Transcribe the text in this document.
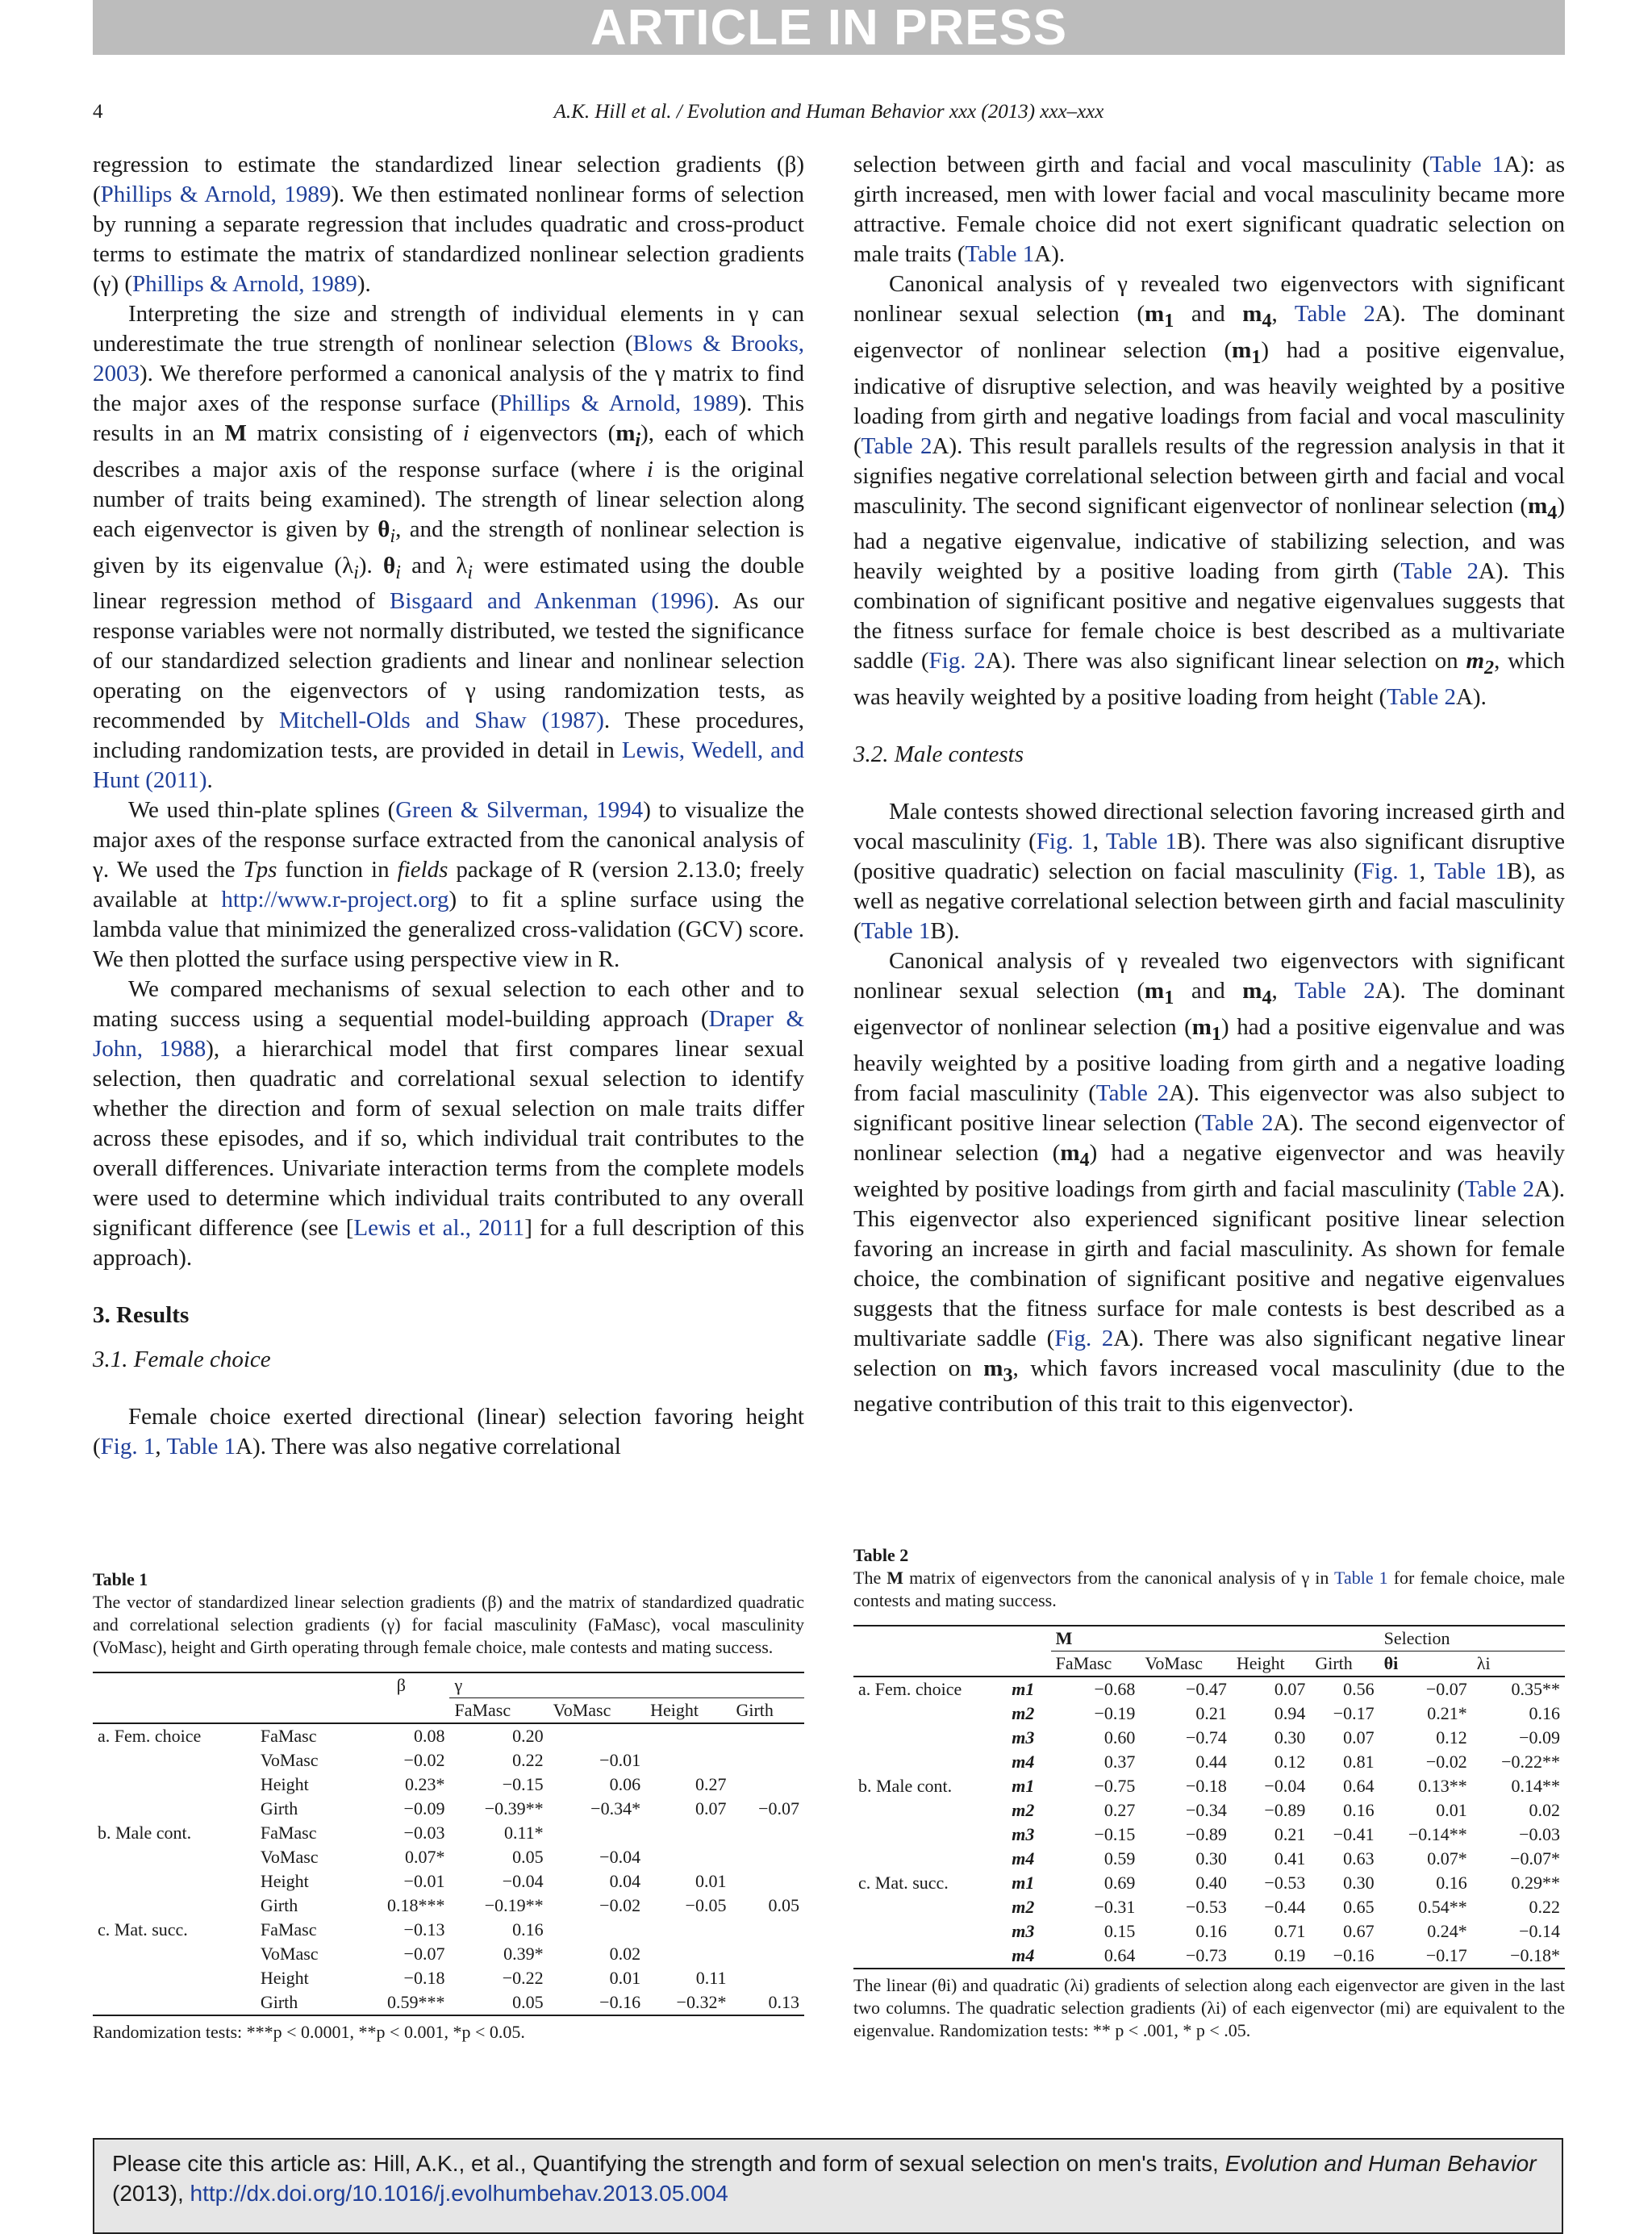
ARTICLE IN PRESS
4	A.K. Hill et al. / Evolution and Human Behavior xxx (2013) xxx–xxx

regression to estimate the standardized linear selection gradients (β) (Phillips & Arnold, 1989). We then estimated nonlinear forms of selection by running a separate regression that includes quadratic and cross-product terms to estimate the matrix of standardized nonlinear selection gradients (γ) (Phillips & Arnold, 1989).

Interpreting the size and strength of individual elements in γ can underestimate the true strength of nonlinear selection (Blows & Brooks, 2003). We therefore performed a canonical analysis of the γ matrix to find the major axes of the response surface (Phillips & Arnold, 1989). This results in an M matrix consisting of i eigenvectors $(m_i)$, each of which describes a major axis of the response surface (where i is the original number of traits being examined). The strength of linear selection along each eigenvector is given by $\theta_i$, and the strength of nonlinear selection is given by its eigenvalue $(\lambda_i)$. $\theta_i$ and $\lambda_i$ were estimated using the double linear regression method of Bisgaard and Ankenman (1996). As our response variables were not normally distributed, we tested the significance of our standardized selection gradients and linear and nonlinear selection operating on the eigenvectors of γ using randomization tests, as recommended by Mitchell-Olds and Shaw (1987). These procedures, including randomization tests, are provided in detail in Lewis, Wedell, and Hunt (2011).

We used thin-plate splines (Green & Silverman, 1994) to visualize the major axes of the response surface extracted from the canonical analysis of γ. We used the Tps function in fields package of R (version 2.13.0; freely available at http://www.r-project.org) to fit a spline surface using the lambda value that minimized the generalized cross-validation (GCV) score. We then plotted the surface using perspective view in R.

We compared mechanisms of sexual selection to each other and to mating success using a sequential model-building approach (Draper & John, 1988), a hierarchical model that first compares linear sexual selection, then quadratic and correlational sexual selection to identify whether the direction and form of sexual selection on male traits differ across these episodes, and if so, which individual trait contributes to the overall differences. Univariate interaction terms from the complete models were used to determine which individual traits contributed to any overall significant difference (see [Lewis et al., 2011] for a full description of this approach).

3. Results

3.1. Female choice

Female choice exerted directional (linear) selection favoring height (Fig. 1, Table 1A). There was also negative correlational

selection between girth and facial and vocal masculinity (Table 1A): as girth increased, men with lower facial and vocal masculinity became more attractive. Female choice did not exert significant quadratic selection on male traits (Table 1A).

Canonical analysis of γ revealed two eigenvectors with significant nonlinear sexual selection ($m_1$ and $m_4$, Table 2A). The dominant eigenvector of nonlinear selection $(m_1)$ had a positive eigenvalue, indicative of disruptive selection, and was heavily weighted by a positive loading from girth and negative loadings from facial and vocal masculinity (Table 2A). This result parallels results of the regression analysis in that it signifies negative correlational selection between girth and facial and vocal masculinity. The second significant eigenvector of nonlinear selection $(m_4)$ had a negative eigenvalue, indicative of stabilizing selection, and was heavily weighted by a positive loading from girth (Table 2A). This combination of significant positive and negative eigenvalues suggests that the fitness surface for female choice is best described as a multivariate saddle (Fig. 2A). There was also significant linear selection on $m_2$, which was heavily weighted by a positive loading from height (Table 2A).

3.2. Male contests

Male contests showed directional selection favoring increased girth and vocal masculinity (Fig. 1, Table 1B). There was also significant disruptive (positive quadratic) selection on facial masculinity (Fig. 1, Table 1B), as well as negative correlational selection between girth and facial masculinity (Table 1B).

Canonical analysis of γ revealed two eigenvectors with significant nonlinear sexual selection ($m_1$ and $m_4$, Table 2A). The dominant eigenvector of nonlinear selection $(m_1)$ had a positive eigenvalue and was heavily weighted by a positive loading from girth and a negative loading from facial masculinity (Table 2A). This eigenvector was also subject to significant positive linear selection (Table 2A). The second eigenvector of nonlinear selection $(m_4)$ had a negative eigenvector and was heavily weighted by positive loadings from girth and facial masculinity (Table 2A). This eigenvector also experienced significant positive linear selection favoring an increase in girth and facial masculinity. As shown for female choice, the combination of significant positive and negative eigenvalues suggests that the fitness surface for male contests is best described as a multivariate saddle (Fig. 2A). There was also significant negative linear selection on $m_3$, which favors increased vocal masculinity (due to the negative contribution of this trait to this eigenvector).

Table 1
The vector of standardized linear selection gradients (β) and the matrix of standardized quadratic and correlational selection gradients (γ) for facial masculinity (FaMasc), vocal masculinity (VoMasc), height and Girth operating through female choice, male contests and mating success.
		β	γ			
			FaMasc	VoMasc	Height	Girth
a. Fem. choice	FaMasc	0.08	0.20			
	VoMasc	−0.02	0.22	−0.01		
	Height	0.23*	−0.15	0.06	0.27	
	Girth	−0.09	−0.39**	−0.34*	0.07	−0.07
b. Male cont.	FaMasc	−0.03	0.11*			
	VoMasc	0.07*	0.05	−0.04		
	Height	−0.01	−0.04	0.04	0.01	
	Girth	0.18***	−0.19**	−0.02	−0.05	0.05
c. Mat. succ.	FaMasc	−0.13	0.16			
	VoMasc	−0.07	0.39*	0.02		
	Height	−0.18	−0.22	0.01	0.11	
	Girth	0.59***	0.05	−0.16	−0.32*	0.13
Randomization tests: ***p < 0.0001, **p < 0.001, *p < 0.05.
Table 2
The M matrix of eigenvectors from the canonical analysis of γ in Table 1 for female choice, male contests and mating success.
		M				Selection	
		FaMasc	VoMasc	Height	Girth	θi	λi
a. Fem. choice	m1	−0.68	−0.47	0.07	0.56	−0.07	0.35**
	m2	−0.19	0.21	0.94	−0.17	0.21*	0.16
	m3	0.60	−0.74	0.30	0.07	0.12	−0.09
	m4	0.37	0.44	0.12	0.81	−0.02	−0.22**
b. Male cont.	m1	−0.75	−0.18	−0.04	0.64	0.13**	0.14**
	m2	0.27	−0.34	−0.89	0.16	0.01	0.02
	m3	−0.15	−0.89	0.21	−0.41	−0.14**	−0.03
	m4	0.59	0.30	0.41	0.63	0.07*	−0.07*
c. Mat. succ.	m1	0.69	0.40	−0.53	0.30	0.16	0.29**
	m2	−0.31	−0.53	−0.44	0.65	0.54**	0.22
	m3	0.15	0.16	0.71	0.67	0.24*	−0.14
	m4	0.64	−0.73	0.19	−0.16	−0.17	−0.18*
The linear (θi) and quadratic (λi) gradients of selection along each eigenvector are given in the last two columns. The quadratic selection gradients (λi) of each eigenvector (mi) are equivalent to the eigenvalue. Randomization tests: ** p < .001, * p < .05.
Please cite this article as: Hill, A.K., et al., Quantifying the strength and form of sexual selection on men's traits, Evolution and Human Behavior (2013), http://dx.doi.org/10.1016/j.evolhumbehav.2013.05.004
